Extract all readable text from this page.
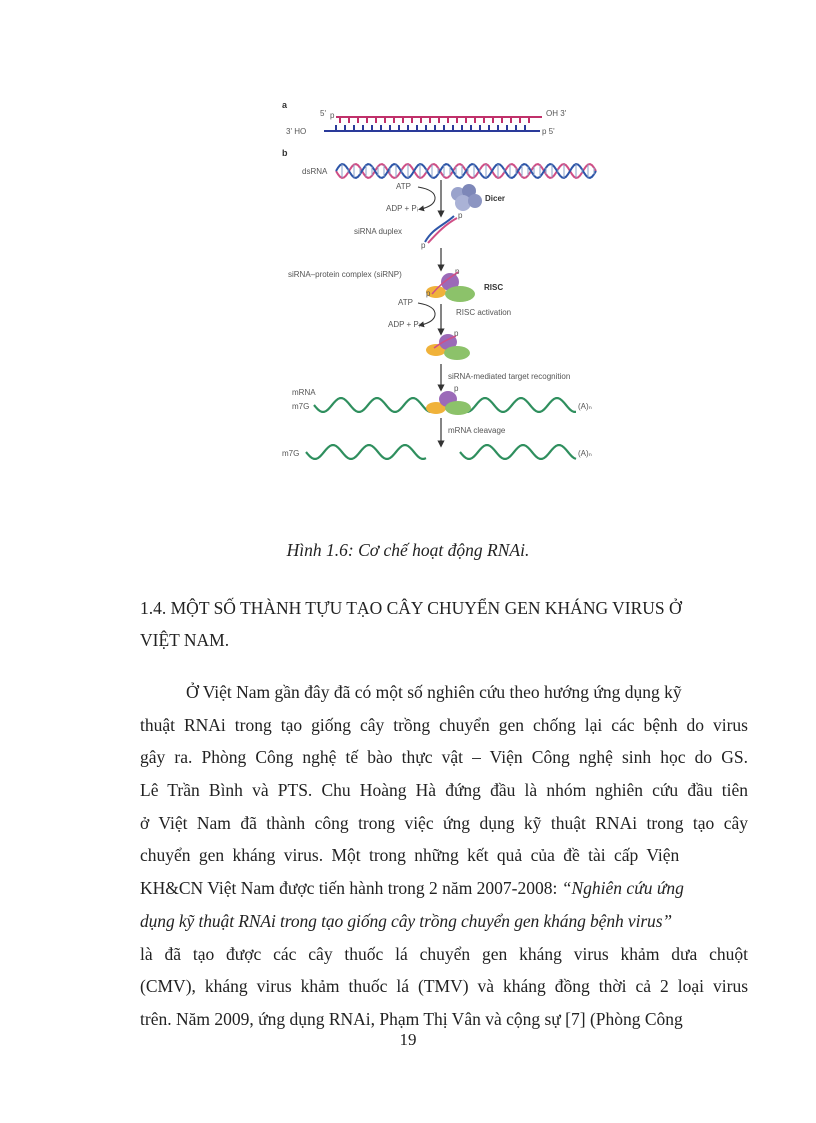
a
5' p	OH 3'
3' HO	p 5'
b
dsRNA
ATP
ADP + Pᵢ
Dicer
p
siRNA duplex
p
siRNA–protein complex (siRNP)	p
p
RISC
ATP
ADP + Pᵢ
RISC activation
p
siRNA-mediated target recognition
mRNA
m7G
p
(A)ₙ
mRNA cleavage
m7G	(A)ₙ
Hình 1.6: Cơ chế hoạt động RNAi.
1.4. MỘT SỐ THÀNH TỰU TẠO CÂY CHUYỂN GEN KHÁNG VIRUS Ở
VIỆT NAM.
Ở Việt Nam gần đây đã có một số nghiên cứu theo hướng ứng dụng kỹ
thuật RNAi trong tạo giống cây trồng chuyển gen chống lại các bệnh do virus
gây ra. Phòng Công nghệ tế bào thực vật – Viện Công nghệ sinh học do GS.
Lê Trần Bình và PTS. Chu Hoàng Hà đứng đầu là nhóm nghiên cứu đầu tiên
ở Việt Nam đã thành công trong việc ứng dụng kỹ thuật RNAi trong tạo cây
chuyển gen kháng virus. Một trong những kết quả của đề tài cấp Viện
KH&CN Việt Nam được tiến hành trong 2 năm 2007-2008: “Nghiên cứu ứng
dụng kỹ thuật RNAi trong tạo giống cây trồng chuyển gen kháng bệnh virus”
là đã tạo được các cây thuốc lá chuyển gen kháng virus khảm dưa chuột
(CMV), kháng virus khảm thuốc lá (TMV) và kháng đồng thời cả 2 loại virus
trên. Năm 2009, ứng dụng RNAi, Phạm Thị Vân và cộng sự [7] (Phòng Công
19
